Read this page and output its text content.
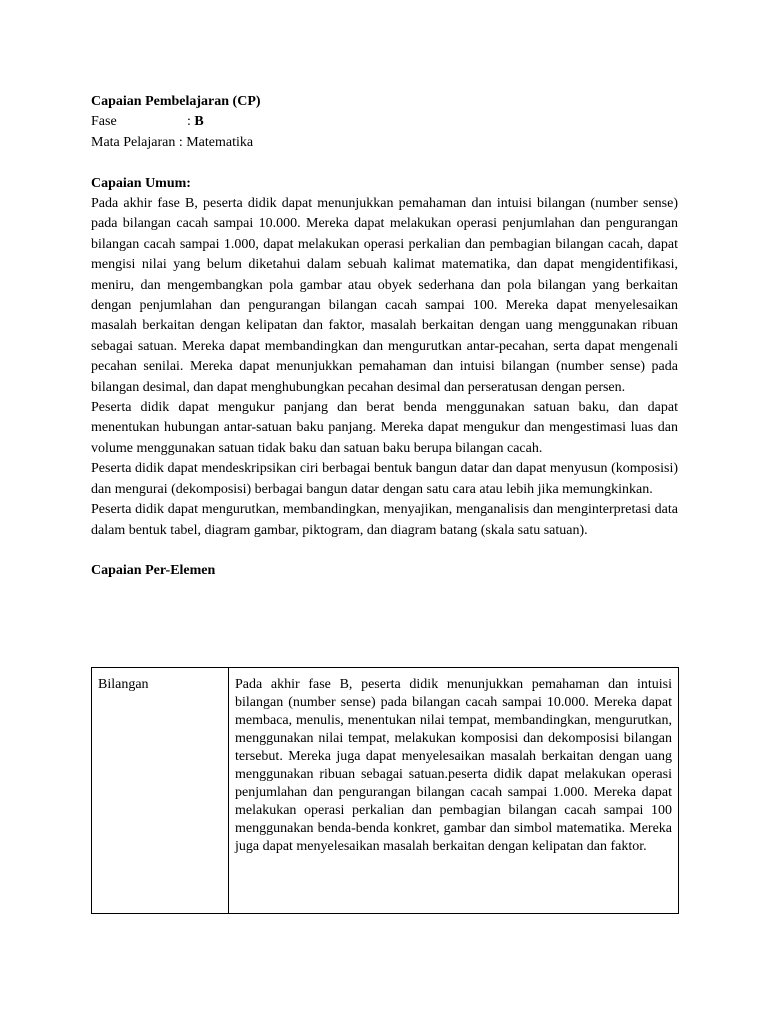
Capaian Pembelajaran (CP)

Fase	: B

Mata Pelajaran : Matematika

Capaian Umum:

Pada akhir fase B, peserta didik dapat menunjukkan pemahaman dan intuisi bilangan (number sense) pada bilangan cacah sampai 10.000. Mereka dapat melakukan operasi penjumlahan dan pengurangan bilangan cacah sampai 1.000, dapat melakukan operasi perkalian dan pembagian bilangan cacah, dapat mengisi nilai yang belum diketahui dalam sebuah kalimat matematika, dan dapat mengidentifikasi, meniru, dan mengembangkan pola gambar atau obyek sederhana dan pola bilangan yang berkaitan dengan penjumlahan dan pengurangan bilangan cacah sampai 100. Mereka dapat menyelesaikan masalah berkaitan dengan kelipatan dan faktor, masalah berkaitan dengan uang menggunakan ribuan sebagai satuan. Mereka dapat membandingkan dan mengurutkan antar-pecahan, serta dapat mengenali pecahan senilai. Mereka dapat menunjukkan pemahaman dan intuisi bilangan (number sense) pada bilangan desimal, dan dapat menghubungkan pecahan desimal dan perseratusan dengan persen.

Peserta didik dapat mengukur panjang dan berat benda menggunakan satuan baku, dan dapat menentukan hubungan antar-satuan baku panjang. Mereka dapat mengukur dan mengestimasi luas dan volume menggunakan satuan tidak baku dan satuan baku berupa bilangan cacah.

Peserta didik dapat mendeskripsikan ciri berbagai bentuk bangun datar dan dapat menyusun (komposisi) dan mengurai (dekomposisi) berbagai bangun datar dengan satu cara atau lebih jika memungkinkan.

Peserta didik dapat mengurutkan, membandingkan, menyajikan, menganalisis dan menginterpretasi data dalam bentuk tabel, diagram gambar, piktogram, dan diagram batang (skala satu satuan).

Capaian Per-Elemen

Bilangan	Pada akhir fase B, peserta didik menunjukkan pemahaman dan intuisi bilangan (number sense) pada bilangan cacah sampai 10.000. Mereka dapat membaca, menulis, menentukan nilai tempat, membandingkan, mengurutkan, menggunakan nilai tempat, melakukan komposisi dan dekomposisi bilangan tersebut. Mereka juga dapat menyelesaikan masalah berkaitan dengan uang menggunakan ribuan sebagai satuan.peserta didik dapat melakukan operasi penjumlahan dan pengurangan bilangan cacah sampai 1.000. Mereka dapat melakukan operasi perkalian dan pembagian bilangan cacah sampai 100 menggunakan benda-benda konkret, gambar dan simbol matematika. Mereka juga dapat menyelesaikan masalah berkaitan dengan kelipatan dan faktor.
